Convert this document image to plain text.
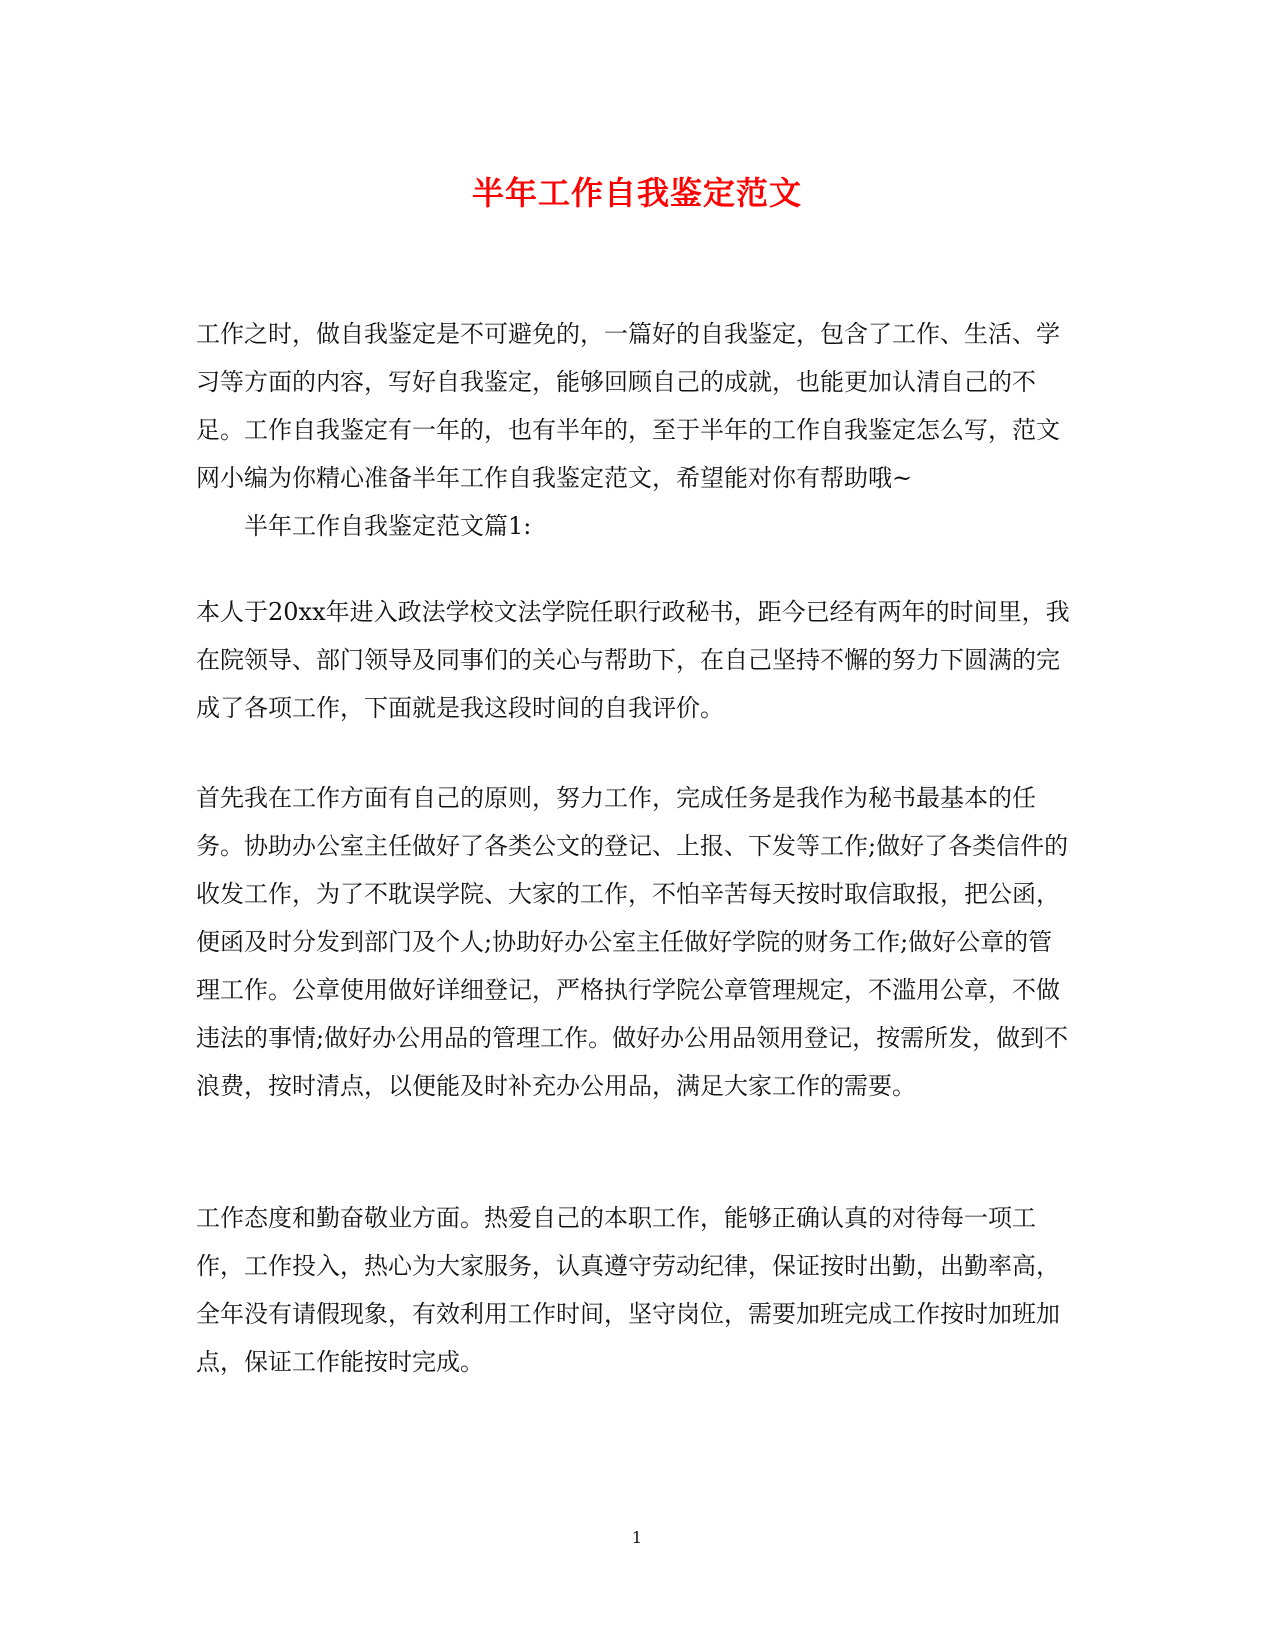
半年工作自我鉴定范文

工作之时，做自我鉴定是不可避免的，一篇好的自我鉴定，包含了工作、生活、学习等方面的内容，写好自我鉴定，能够回顾自己的成就，也能更加认清自己的不足。工作自我鉴定有一年的，也有半年的，至于半年的工作自我鉴定怎么写，范文网小编为你精心准备半年工作自我鉴定范文，希望能对你有帮助哦~

半年工作自我鉴定范文篇1:

本人于20xx年进入政法学校文法学院任职行政秘书，距今已经有两年的时间里，我在院领导、部门领导及同事们的关心与帮助下，在自己坚持不懈的努力下圆满的完成了各项工作，下面就是我这段时间的自我评价。

首先我在工作方面有自己的原则，努力工作，完成任务是我作为秘书最基本的任务。协助办公室主任做好了各类公文的登记、上报、下发等工作;做好了各类信件的收发工作，为了不耽误学院、大家的工作，不怕辛苦每天按时取信取报，把公函，便函及时分发到部门及个人;协助好办公室主任做好学院的财务工作;做好公章的管理工作。公章使用做好详细登记，严格执行学院公章管理规定，不滥用公章，不做违法的事情;做好办公用品的管理工作。做好办公用品领用登记，按需所发，做到不浪费，按时清点，以便能及时补充办公用品，满足大家工作的需要。

工作态度和勤奋敬业方面。热爱自己的本职工作，能够正确认真的对待每一项工作，工作投入，热心为大家服务，认真遵守劳动纪律，保证按时出勤，出勤率高，全年没有请假现象，有效利用工作时间，坚守岗位，需要加班完成工作按时加班加点，保证工作能按时完成。

1
